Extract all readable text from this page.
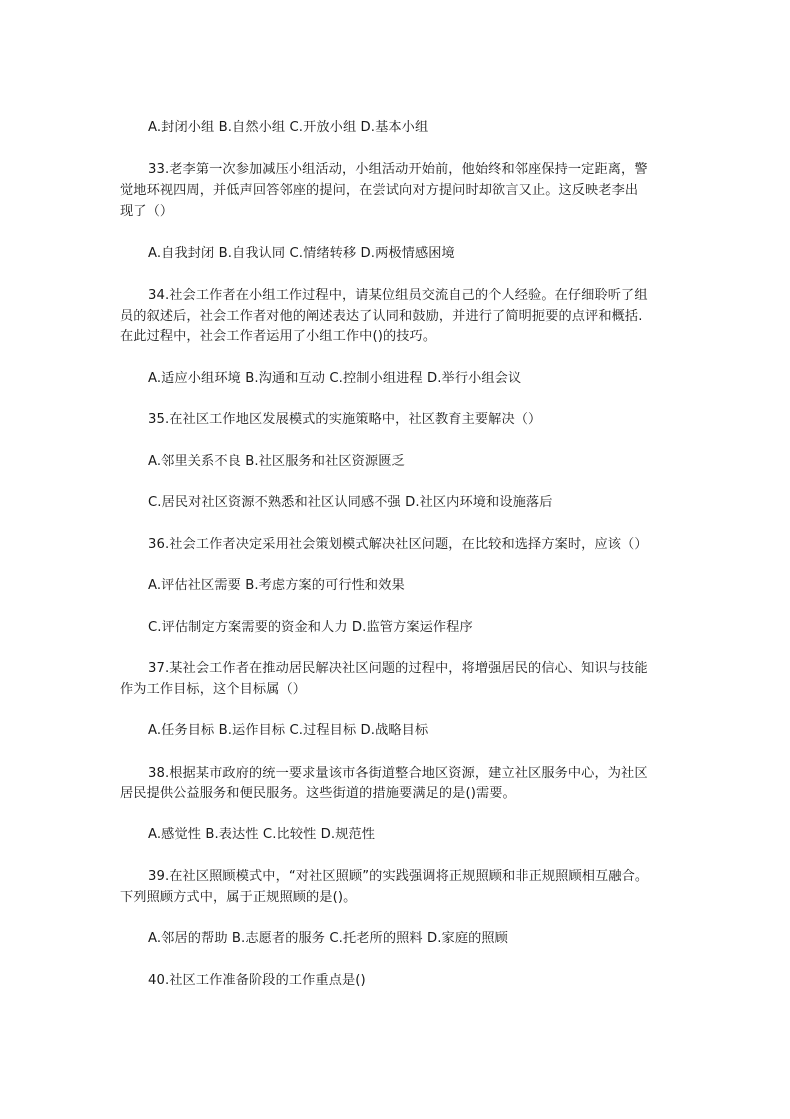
A.封闭小组 B.自然小组 C.开放小组 D.基本小组

33.老李第一次参加减压小组活动，小组活动开始前，他始终和邻座保持一定距离，警

觉地环视四周，并低声回答邻座的提问，在尝试向对方提问时却欲言又止。这反映老李出

现了（）

A.自我封闭 B.自我认同 C.情绪转移 D.两极情感困境

34.社会工作者在小组工作过程中，请某位组员交流自己的个人经验。在仔细聆听了组

员的叙述后，社会工作者对他的阐述表达了认同和鼓励，并进行了简明扼要的点评和概括.

在此过程中，社会工作者运用了小组工作中()的技巧。

A.适应小组环境 B.沟通和互动 C.控制小组进程 D.举行小组会议

35.在社区工作地区发展模式的实施策略中，社区教育主要解决（）

A.邻里关系不良 B.社区服务和社区资源匮乏

C.居民对社区资源不熟悉和社区认同感不强 D.社区内环境和设施落后

36.社会工作者决定采用社会策划模式解决社区问题，在比较和选择方案时，应该（）

A.评估社区需要 B.考虑方案的可行性和效果

C.评估制定方案需要的资金和人力 D.监管方案运作程序

37.某社会工作者在推动居民解决社区问题的过程中，将增强居民的信心、知识与技能

作为工作目标，这个目标属（）

A.任务目标 B.运作目标 C.过程目标 D.战略目标

38.根据某市政府的统一要求量该市各街道整合地区资源，建立社区服务中心，为社区

居民提供公益服务和便民服务。这些街道的措施要满足的是()需要。

A.感觉性 B.表达性 C.比较性 D.规范性

39.在社区照顾模式中，“对社区照顾”的实践强调将正规照顾和非正规照顾相互融合。

下列照顾方式中，属于正规照顾的是()。

A.邻居的帮助 B.志愿者的服务 C.托老所的照料 D.家庭的照顾

40.社区工作准备阶段的工作重点是()
